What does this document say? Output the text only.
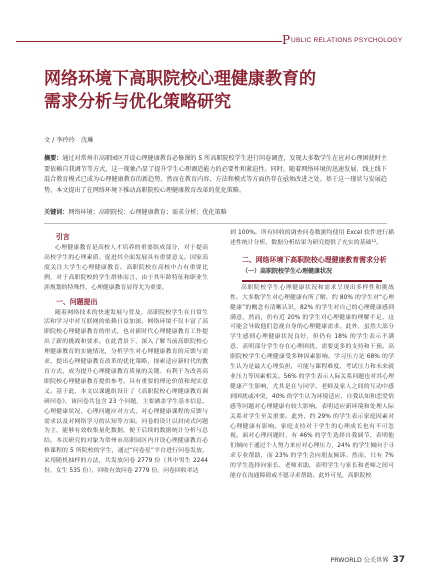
P UBLIC RELATIONS PSYCHOLOGY
网络环境下高职院校心理健康教育的
需求分析与优化策略研究
文 / 李玲玲　沈琳

摘要：通过对常州市高职园区开设心理健康教育必修课的 5 所高职院校学生进行问卷调查，发现大多数学生在应对心理困扰时主要依赖自我调节等方式，这一现象凸显了提升学生心理调适能力的必要性和紧迫性。同时，随着网络环境的迅速发展，线上线下混合教育模式已成为心理健康教育的新趋势，然而在教育内容、方法和模式等方面仍存在亟须改进之处。基于这一现状与发展趋势，本文提出了在网络环境下推动高职院校心理健康教育改革的优化策略。

关键词：网络环境；高职院校；心理健康教育；需求分析；优化策略
引言

心理健康教育是高校人才培养的重要组成部分，对于提高高校学生的心理素质、促进其全面发展具有重要意义。国家高度关注大学生心理健康教育。高职院校在高校中占有重要比例，对于高职院校的学生群体而言，由于其年龄特征和职业生涯规划的特殊性，心理健康教育显得尤为重要。

一、问题提出

随着网络技术的快速发展与普及，高职院校学生在日常生活和学习中对互联网的依赖日益加深。网络环境不仅丰富了高职院校心理健康教育的形式，也对新时代心理健康教育工作提出了新的挑战和要求。在此背景下，深入了解当前高职院校心理健康教育的实施情况，分析学生对心理健康教育的反馈与需求，提出心理健康教育改革的优化策略，探索适应新时代的教育方式，成为提升心理健康教育质量的关键。有利于为改善高职院校心理健康教育提供参考。具有重要的理论价值和现实意义。基于此，本文以课题组设计了《高职院校心理健康教育调研问卷》，该问卷共包含 23 个问题，主要涵盖学生基本信息、心理健康状况、心理问题应对方式、对心理健康课程的反馈与需求以及对网络学习的认知等方面。问卷的设计以封闭式问题为主，能够有效收集量化数据，便于后续的数据统计分析与总结。本次研究的对象为常州市高职园区内开设心理健康教育必修课程的 5 所院校的学生，通过“问卷星”平台进行问卷发放，采用随机抽样的方法，共发放问卷 2779 份（其中男生 2244 份，女生 535 份），回收有效问卷 2779 份，问卷回收率达

到 100%。所有回收的调查问卷数据均使用 Excel 软件进行描述性统计分析，数据分析结果为研究提供了充实的基础¹²。

二、网络环境下高职院校心理健康教育需求分析
（一）高职院校学生心理健康状况

高职院校学生心理健康状况和需求呈现出多样性和挑战性。大多数学生对心理健康有所了解，约 80% 的学生对“心理健康”的概念有清晰认识，82% 的学生对自己的心理健康感到满意，然而，仍有近 20% 的学生对心理健康的理解不足，这可能会导致他们忽视自身的心理健康需求。此外，虽然大部分学生感到心理健康状况良好，但仍有 18% 的学生表示不满意，表明部分学生存在心理困扰，需要更多的支持和干预。高职院校学生心理健康受多种因素影响。学习压力是 68% 的学生认为是最大心理负担，可能与课程难度、考试压力和未来就业压力等因素相关。56% 的学生表示人际关系问题也对其心理健康产生影响，尤其是在与同学、老师及家人之间的互动中感到困扰或冲突，40% 的学生认为环境适应、自我认知和恋爱情感等问题对心理健康有较大影响。表明适应新环境和处理人际关系对学生至关重要。此外，约 29% 的学生表示家庭因素对心理健康有影响。家庭支持对于学生的心理成长也有不可忽视。面对心理问题时，有 46% 的学生选择自我调节，表明他们倾向于通过个人努力来应对心理压力，24% 的学生倾向于寻求专业帮助，而 23% 的学生会向朋友倾诉。然而，只有 7% 的学生选择向家长、老师求助，表明学生与家长和老师之间可能存在沟通障碍或不愿寻求帮助。此外可见，高职院校

PRWORLD 公关世界 37
